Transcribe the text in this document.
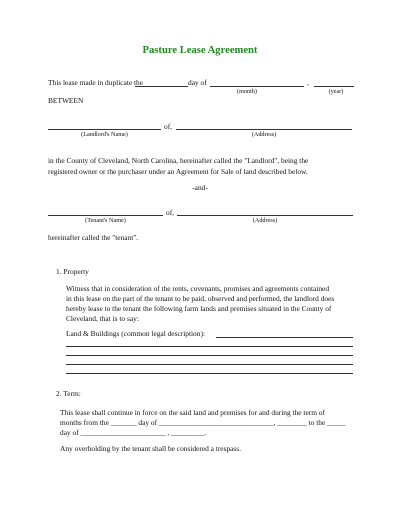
Pasture Lease Agreement
This lease made in duplicate the	day of	,
(month)	(year)
BETWEEN
of,
(Landlord's Name)	(Address)
in the County of Cleveland, North Carolina, hereinafter called the "Landlord", being the
registered owner or the purchaser under an Agreement for Sale of land described below.
-and-
of,
(Tenant's Name)	(Address)
hereinafter called the "tenant".
1. Property
Witness that in consideration of the rents, covenants, promises and agreements contained
in this lease on the part of the tenant to be paid, observed and performed, the landlord does
hereby lease to the tenant the following farm lands and premises situated in the County of
Cleveland, that is to say:
Land & Buildings (common legal description):
2. Term:
This lease shall continue in force on the said land and premises for and during the term of
months from the _______ day of _______________________________, ________ to the _____
day of _______________________ , _________.
Any overholding by the tenant shall be considered a trespass.
